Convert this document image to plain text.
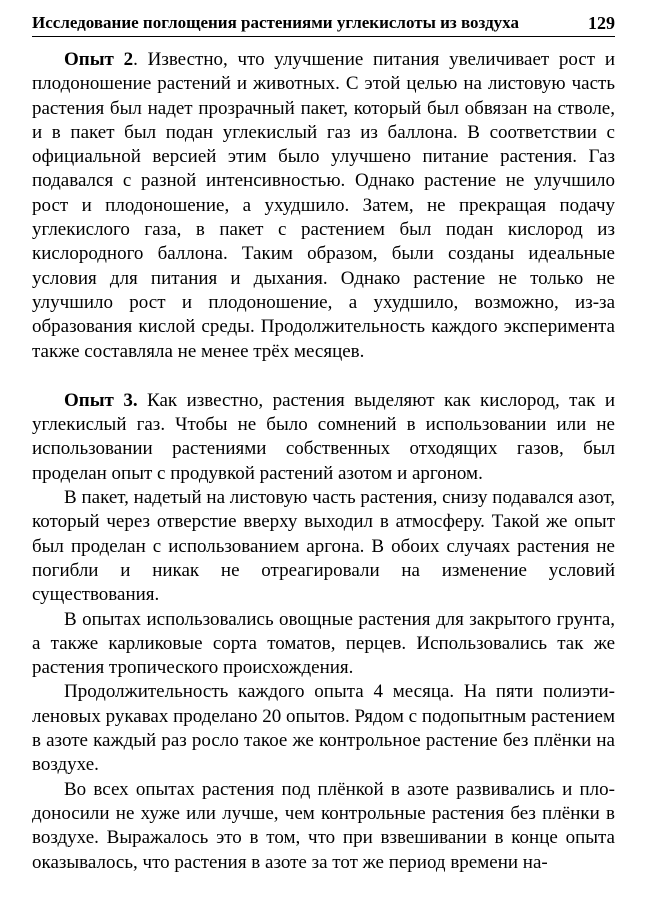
Исследование поглощения растениями углекислоты из воздуха	129

Опыт 2. Известно, что улучшение питания увеличивает рост и плодоношение растений и животных. С этой целью на листовую часть растения был надет прозрачный пакет, который был обвязан на стволе, и в пакет был подан углекислый газ из баллона. В соответствии с официальной версией этим было улучшено питание растения. Газ подавался с разной интенсивностью. Однако растение не улучшило рост и плодоношение, а ухудшило. Затем, не прекращая подачу углекислого газа, в пакет с растением был подан кислород из кислородного баллона. Таким образом, были созданы идеальные условия для питания и дыхания. Однако растение не только не улучшило рост и плодоношение, а ухудшило, возможно, из-за образования кислой среды. Продолжительность каждого эксперимента также составляла не менее трёх месяцев.

Опыт 3. Как известно, растения выделяют как кислород, так и углекислый газ. Чтобы не было сомнений в использовании или не использовании растениями собственных отходящих газов, был проделан опыт с продувкой растений азотом и аргоном.

В пакет, надетый на листовую часть растения, снизу подавался азот, который через отверстие вверху выходил в атмосферу. Такой же опыт был проделан с использованием аргона. В обоих случаях растения не погибли и никак не отреагировали на изменение условий существования.

В опытах использовались овощные растения для закрытого грунта, а также карликовые сорта томатов, перцев. Использовались так же растения тропического происхождения.

Продолжительность каждого опыта 4 месяца. На пяти полиэтиленовых рукавах проделано 20 опытов. Рядом с подопытным растением в азоте каждый раз росло такое же контрольное растение без плёнки на воздухе.

Во всех опытах растения под плёнкой в азоте развивались и плодоносили не хуже или лучше, чем контрольные растения без плёнки в воздухе. Выражалось это в том, что при взвешивании в конце опыта оказывалось, что растения в азоте за тот же период времени на-
